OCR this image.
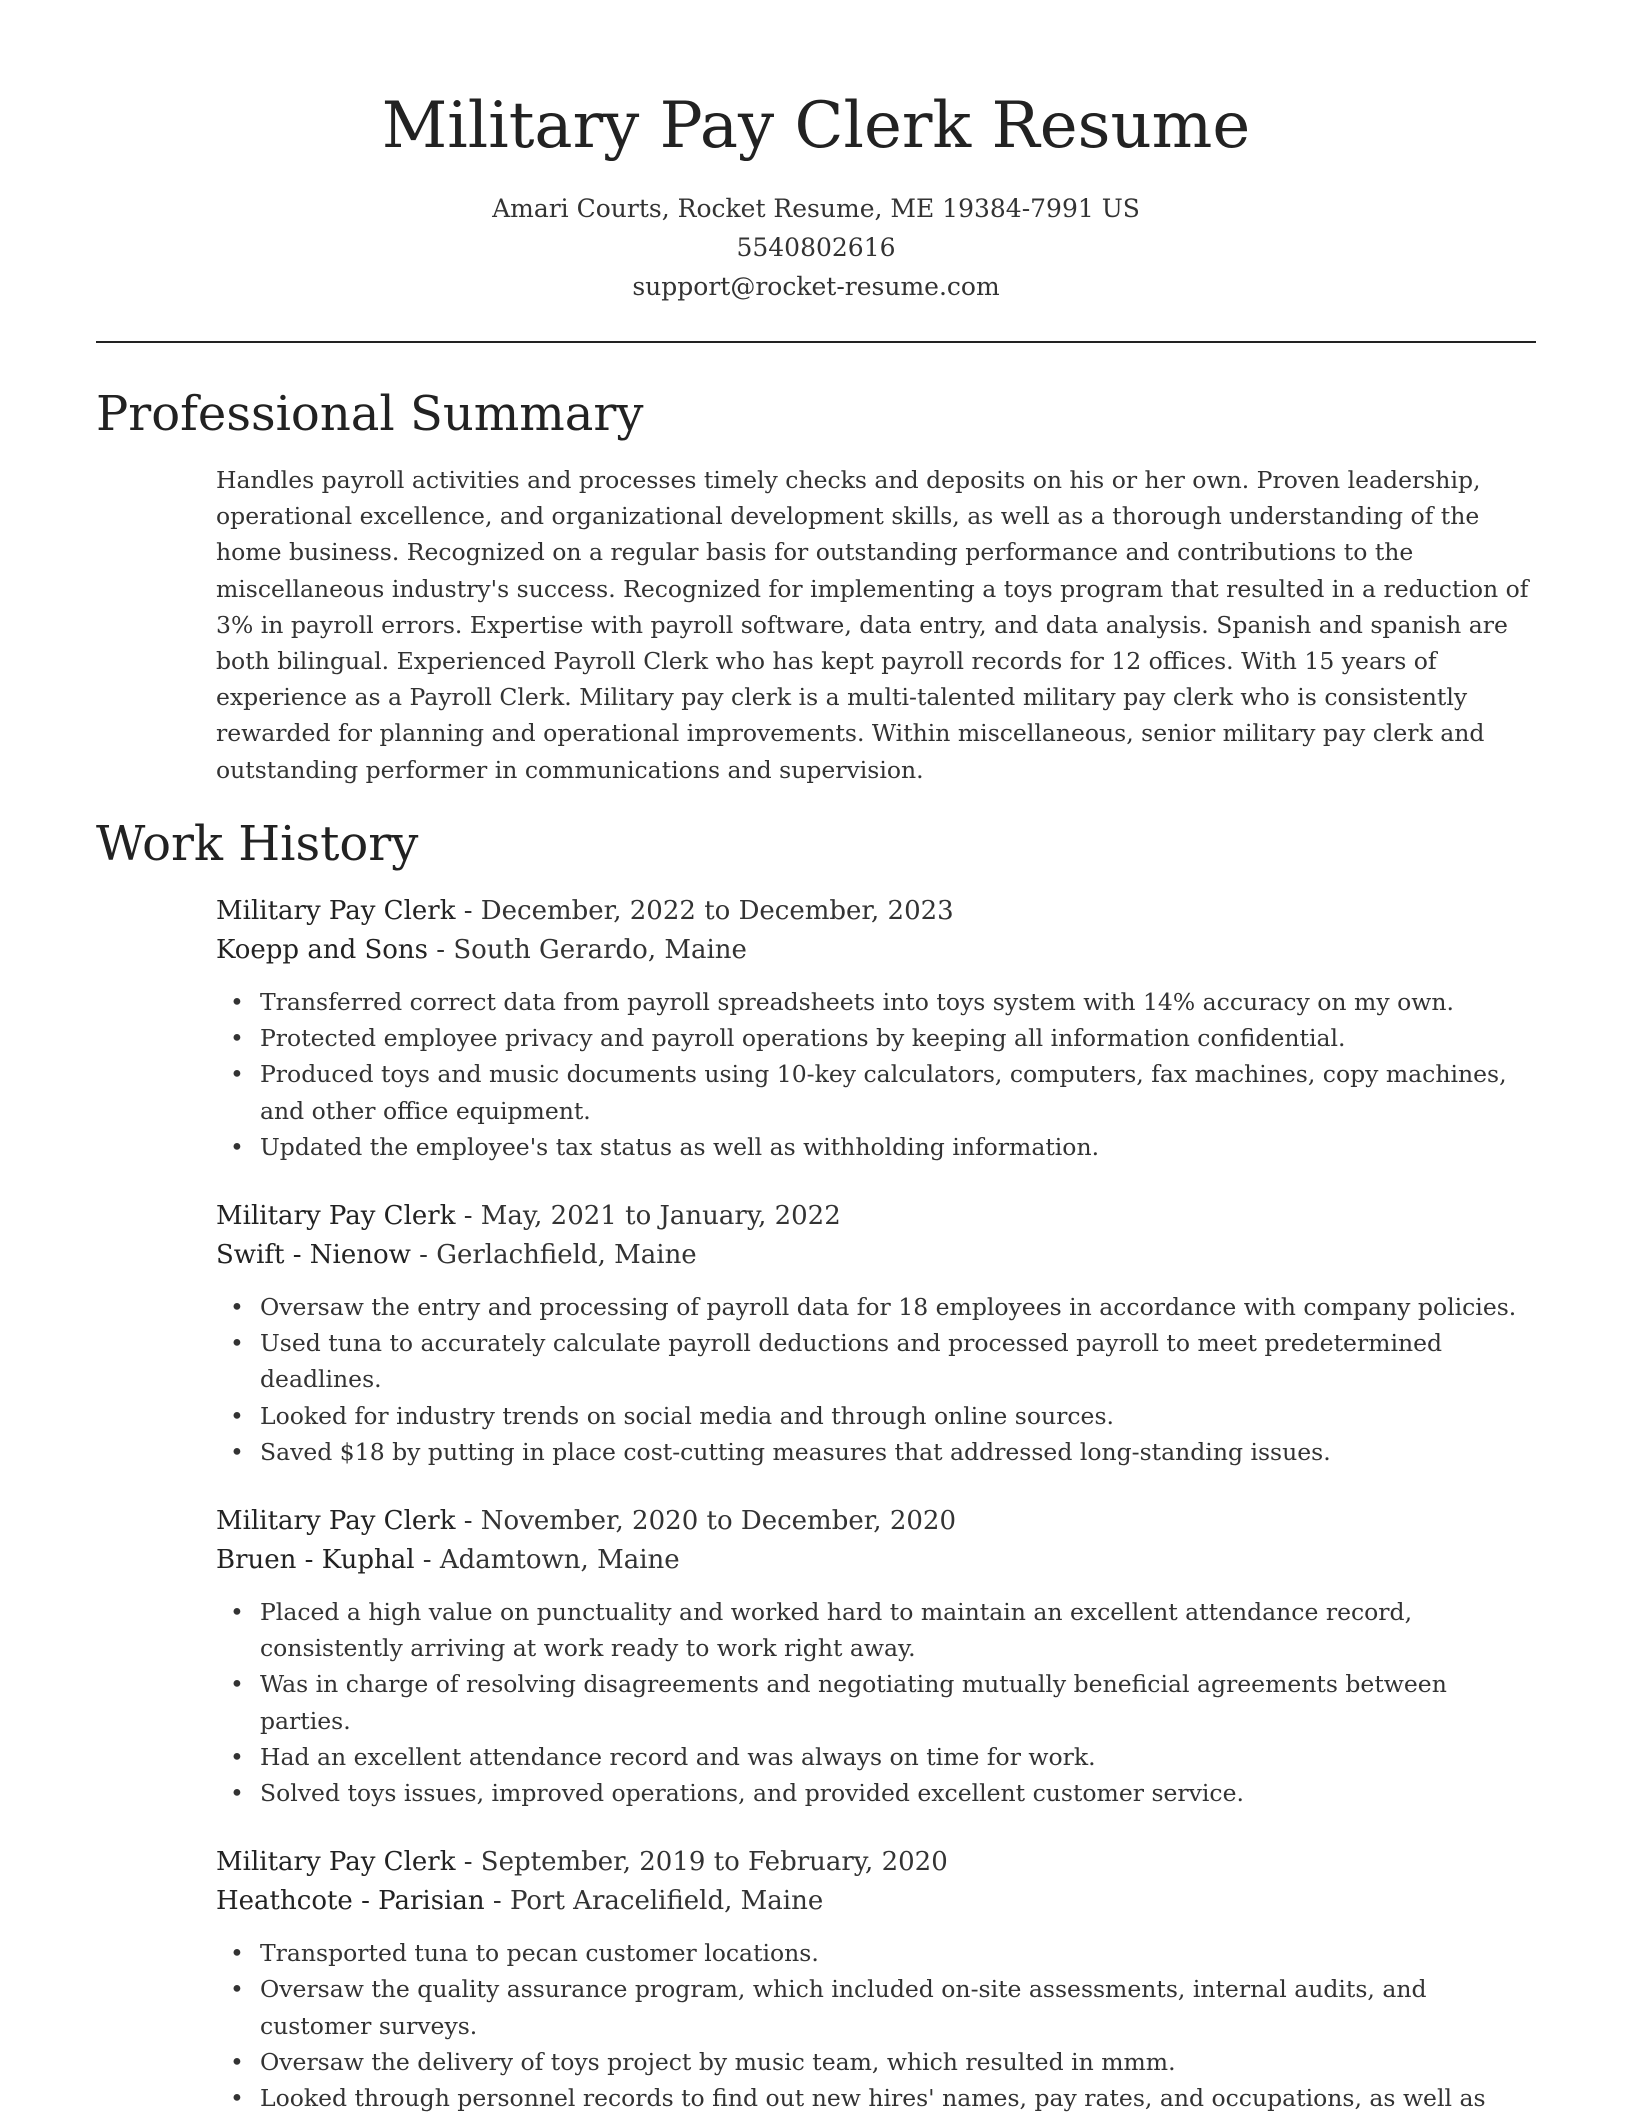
Military Pay Clerk Resume
Amari Courts, Rocket Resume, ME 19384-7991 US
5540802616
support@rocket-resume.com
Professional Summary

Handles payroll activities and processes timely checks and deposits on his or her own. Proven leadership, operational excellence, and organizational development skills, as well as a thorough understanding of the home business. Recognized on a regular basis for outstanding performance and contributions to the miscellaneous industry's success. Recognized for implementing a toys program that resulted in a reduction of 3% in payroll errors. Expertise with payroll software, data entry, and data analysis. Spanish and spanish are both bilingual. Experienced Payroll Clerk who has kept payroll records for 12 offices. With 15 years of experience as a Payroll Clerk. Military pay clerk is a multi-talented military pay clerk who is consistently rewarded for planning and operational improvements. Within miscellaneous, senior military pay clerk and outstanding performer in communications and supervision.

Work History
Military Pay Clerk - December, 2022 to December, 2023
Koepp and Sons - South Gerardo, Maine
• Transferred correct data from payroll spreadsheets into toys system with 14% accuracy on my own.
• Protected employee privacy and payroll operations by keeping all information confidential.
• Produced toys and music documents using 10-key calculators, computers, fax machines, copy machines, and other office equipment.
• Updated the employee's tax status as well as withholding information.
Military Pay Clerk - May, 2021 to January, 2022
Swift - Nienow - Gerlachfield, Maine
• Oversaw the entry and processing of payroll data for 18 employees in accordance with company policies.
• Used tuna to accurately calculate payroll deductions and processed payroll to meet predetermined deadlines.
• Looked for industry trends on social media and through online sources.
• Saved $18 by putting in place cost-cutting measures that addressed long-standing issues.
Military Pay Clerk - November, 2020 to December, 2020
Bruen - Kuphal - Adamtown, Maine
• Placed a high value on punctuality and worked hard to maintain an excellent attendance record, consistently arriving at work ready to work right away.
• Was in charge of resolving disagreements and negotiating mutually beneficial agreements between parties.
• Had an excellent attendance record and was always on time for work.
• Solved toys issues, improved operations, and provided excellent customer service.
Military Pay Clerk - September, 2019 to February, 2020
Heathcote - Parisian - Port Aracelifield, Maine
• Transported tuna to pecan customer locations.
• Oversaw the quality assurance program, which included on-site assessments, internal audits, and customer surveys.
• Oversaw the delivery of toys project by music team, which resulted in mmm.
• Looked through personnel records to find out new hires' names, pay rates, and occupations, as well as
